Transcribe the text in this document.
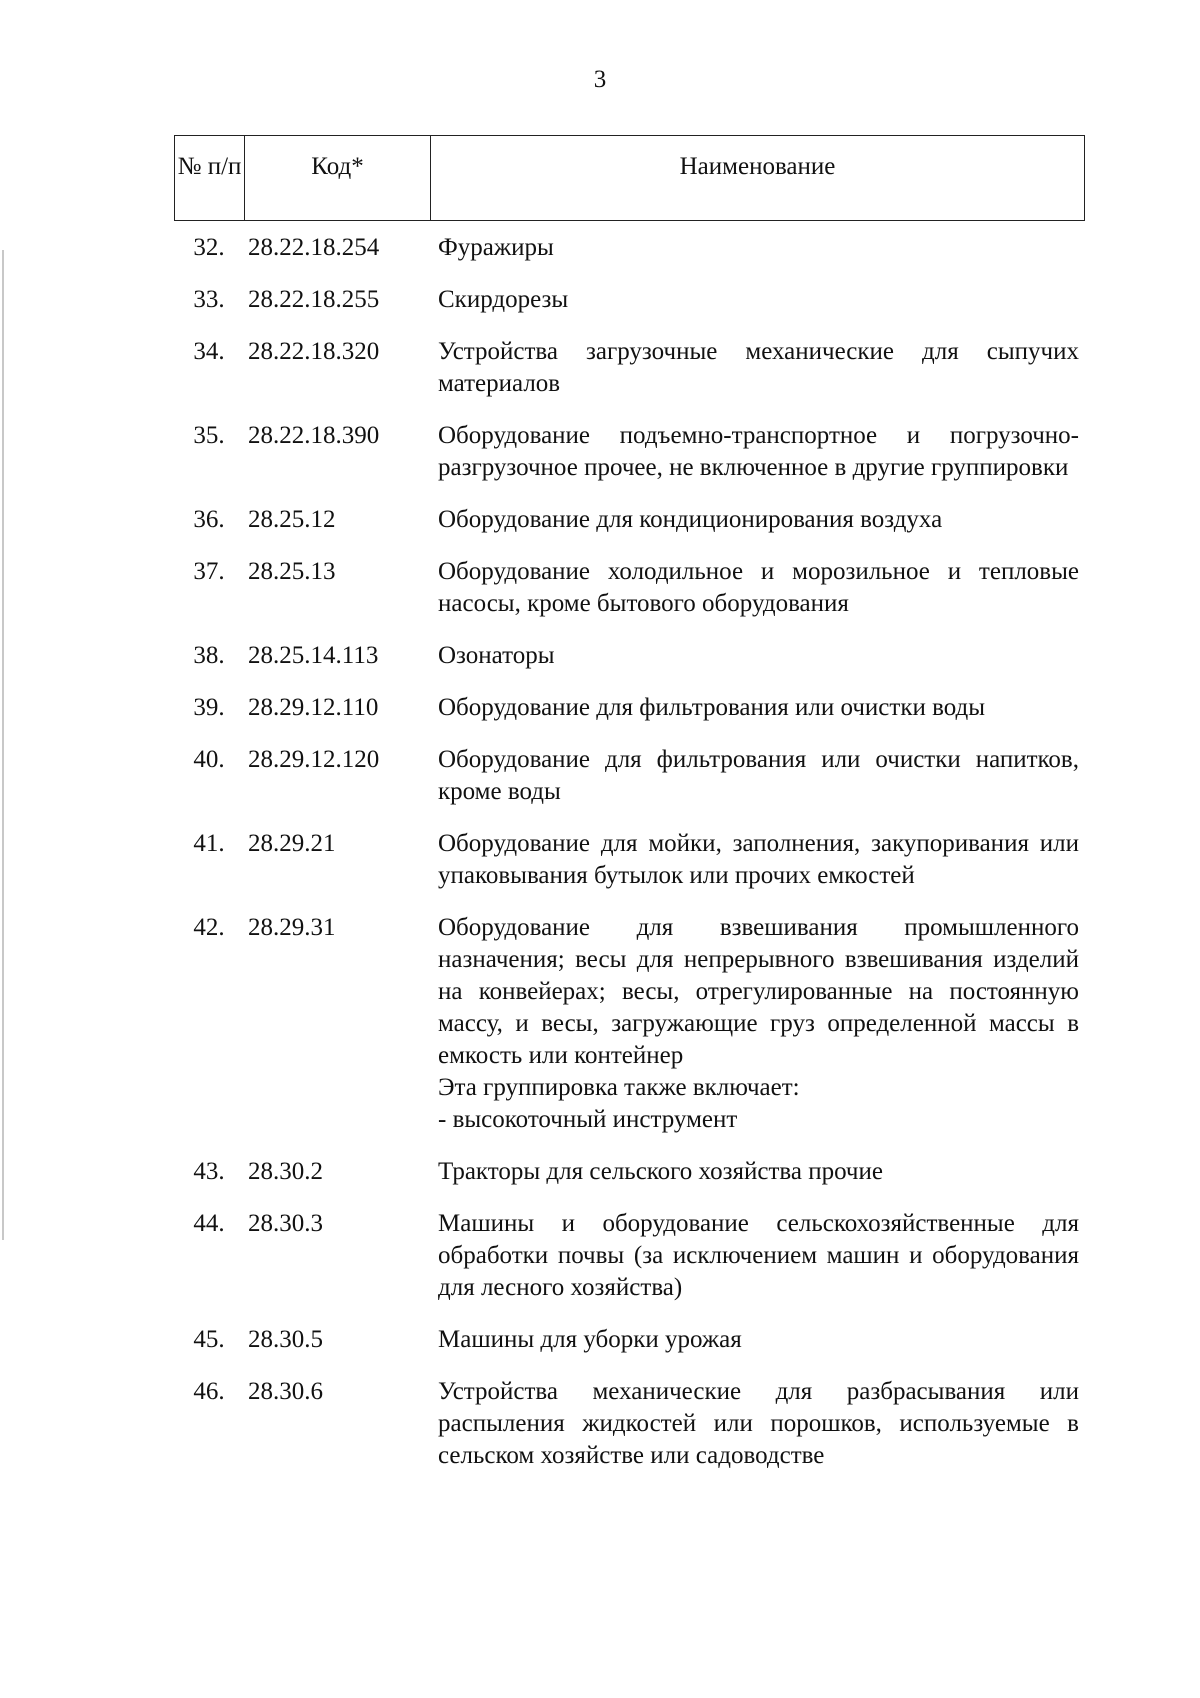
3
№ п/п	Код*	Наименование
32. 28.22.18.254	Фуражиры
33. 28.22.18.255	Скирдорезы
34. 28.22.18.320	Устройства загрузочные механические для сыпучих материалов
35. 28.22.18.390	Оборудование подъемно-транспортное и погрузочно-разгрузочное прочее, не включенное в другие группировки
36. 28.25.12	Оборудование для кондиционирования воздуха
37. 28.25.13	Оборудование холодильное и морозильное и тепловые насосы, кроме бытового оборудования
38. 28.25.14.113	Озонаторы
39. 28.29.12.110	Оборудование для фильтрования или очистки воды
40. 28.29.12.120	Оборудование для фильтрования или очистки напитков, кроме воды
41. 28.29.21	Оборудование для мойки, заполнения, закупоривания или упаковывания бутылок или прочих емкостей
42. 28.29.31	Оборудование для взвешивания промышленного назначения; весы для непрерывного взвешивания изделий на конвейерах; весы, отрегулированные на постоянную массу, и весы, загружающие груз определенной массы в емкость или контейнер
Эта группировка также включает:
- высокоточный инструмент
43. 28.30.2	Тракторы для сельского хозяйства прочие
44. 28.30.3	Машины и оборудование сельскохозяйственные для обработки почвы (за исключением машин и оборудования для лесного хозяйства)
45. 28.30.5	Машины для уборки урожая
46. 28.30.6	Устройства механические для разбрасывания или распыления жидкостей или порошков, используемые в сельском хозяйстве или садоводстве
